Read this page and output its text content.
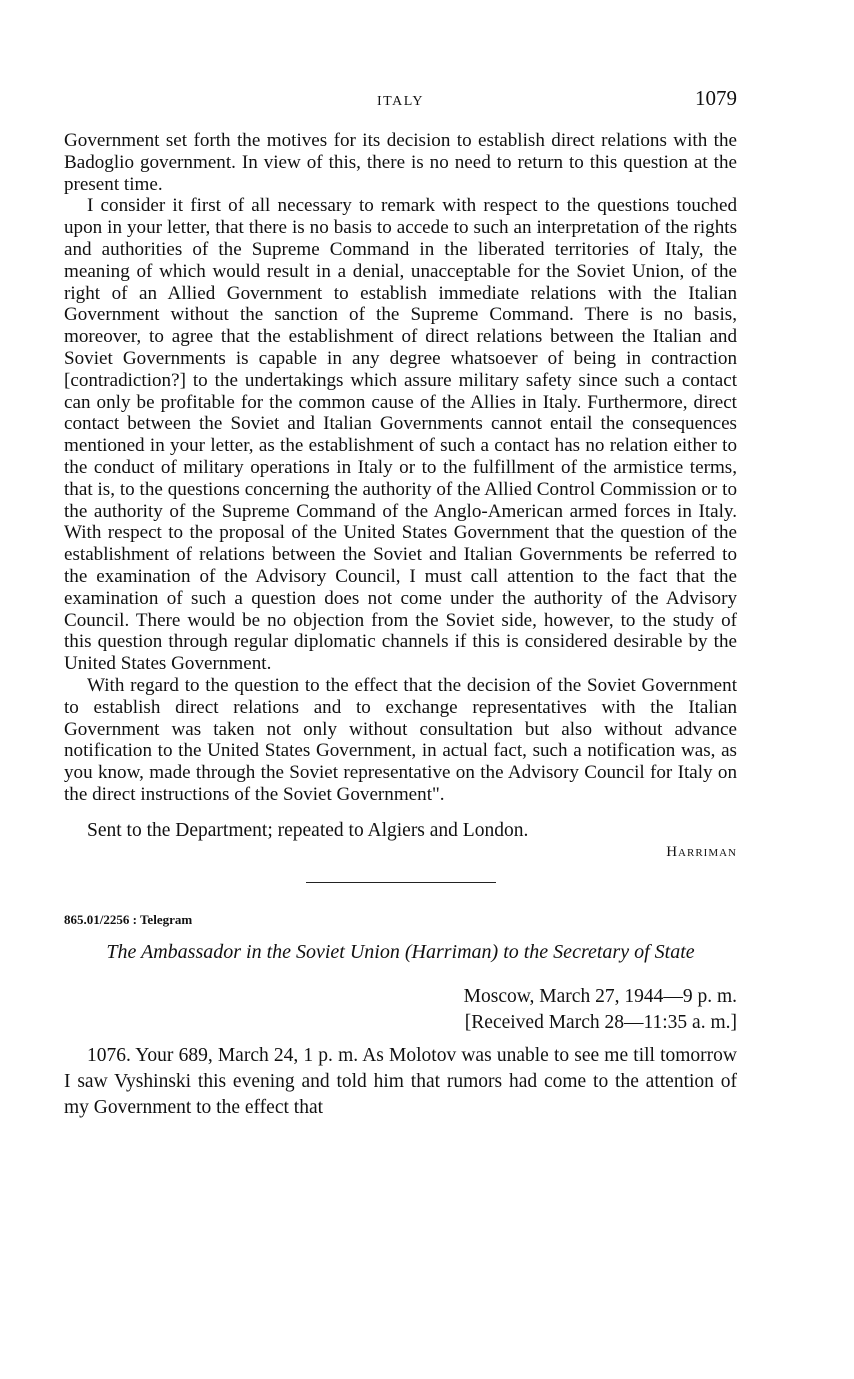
ITALY	1079

Government set forth the motives for its decision to establish direct relations with the Badoglio government. In view of this, there is no need to return to this question at the present time.

I consider it first of all necessary to remark with respect to the questions touched upon in your letter, that there is no basis to accede to such an interpretation of the rights and authorities of the Supreme Command in the liberated territories of Italy, the meaning of which would result in a denial, unacceptable for the Soviet Union, of the right of an Allied Government to establish immediate relations with the Italian Government without the sanction of the Supreme Command. There is no basis, moreover, to agree that the establishment of direct relations between the Italian and Soviet Governments is capable in any degree whatsoever of being in contraction [contradiction?] to the undertakings which assure military safety since such a contact can only be profitable for the common cause of the Allies in Italy. Furthermore, direct contact between the Soviet and Italian Governments cannot entail the consequences mentioned in your letter, as the establishment of such a contact has no relation either to the conduct of military operations in Italy or to the fulfillment of the armistice terms, that is, to the questions concerning the authority of the Allied Control Commission or to the authority of the Supreme Command of the Anglo-American armed forces in Italy. With respect to the proposal of the United States Government that the question of the establishment of relations between the Soviet and Italian Governments be referred to the examination of the Advisory Council, I must call attention to the fact that the examination of such a question does not come under the authority of the Advisory Council. There would be no objection from the Soviet side, however, to the study of this question through regular diplomatic channels if this is considered desirable by the United States Government.

With regard to the question to the effect that the decision of the Soviet Government to establish direct relations and to exchange representatives with the Italian Government was taken not only without consultation but also without advance notification to the United States Government, in actual fact, such a notification was, as you know, made through the Soviet representative on the Advisory Council for Italy on the direct instructions of the Soviet Government".

Sent to the Department; repeated to Algiers and London.
Harriman
865.01/2256 : Telegram
The Ambassador in the Soviet Union (Harriman) to the Secretary of State
Moscow, March 27, 1944—9 p. m.
[Received March 28—11:35 a. m.]
1076. Your 689, March 24, 1 p. m. As Molotov was unable to see me till tomorrow I saw Vyshinski this evening and told him that rumors had come to the attention of my Government to the effect that
